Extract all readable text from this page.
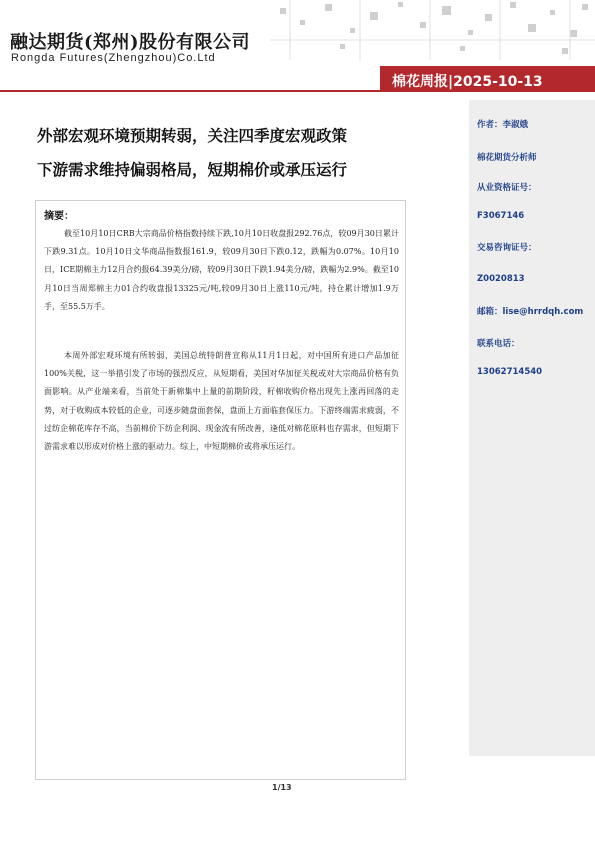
融达期货(郑州)股份有限公司
Rongda Futures(Zhengzhou)Co.Ltd
棉花周报|2025-10-13
外部宏观环境预期转弱，关注四季度宏观政策
下游需求维持偏弱格局，短期棉价或承压运行
摘要：

截至10月10日CRB大宗商品价格指数持续下跌,10月10日收盘报292.76点，较09月30日累计下跌9.31点。10月10日文华商品指数报161.9，较09月30日下跌0.12，跌幅为0.07%。10月10日，ICE期棉主力12月合约报64.39美分/磅，较09月30日下跌1.94美分/磅，跌幅为2.9%。截至10月10日当周郑棉主力01合约收盘报13325元/吨,较09月30日上涨110元/吨，持仓累计增加1.9万手，至55.5万手。

本周外部宏观环境有所转弱，美国总统特朗普宣称从11月1日起，对中国所有进口产品加征100%关税，这一举措引发了市场的强烈反应，从短期看，美国对华加征关税或对大宗商品价格有负面影响。从产业端来看，当前处于新棉集中上量的前期阶段，籽棉收购价格出现先上涨再回落的走势，对于收购成本较低的企业，可逐步随盘面套保，盘面上方面临套保压力。下游终端需求疲弱，不过纺企棉花库存不高，当前棉价下纺企利润、现金流有所改善，逢低对棉花原料也存需求，但短期下游需求难以形成对价格上涨的驱动力。综上，中短期棉价或将承压运行。

作者：李淑娥
棉花期货分析师
从业资格证号：
F3067146
交易咨询证号：
Z0020813
邮箱：lise@hrrdqh.com
联系电话：
13062714540
1/13
